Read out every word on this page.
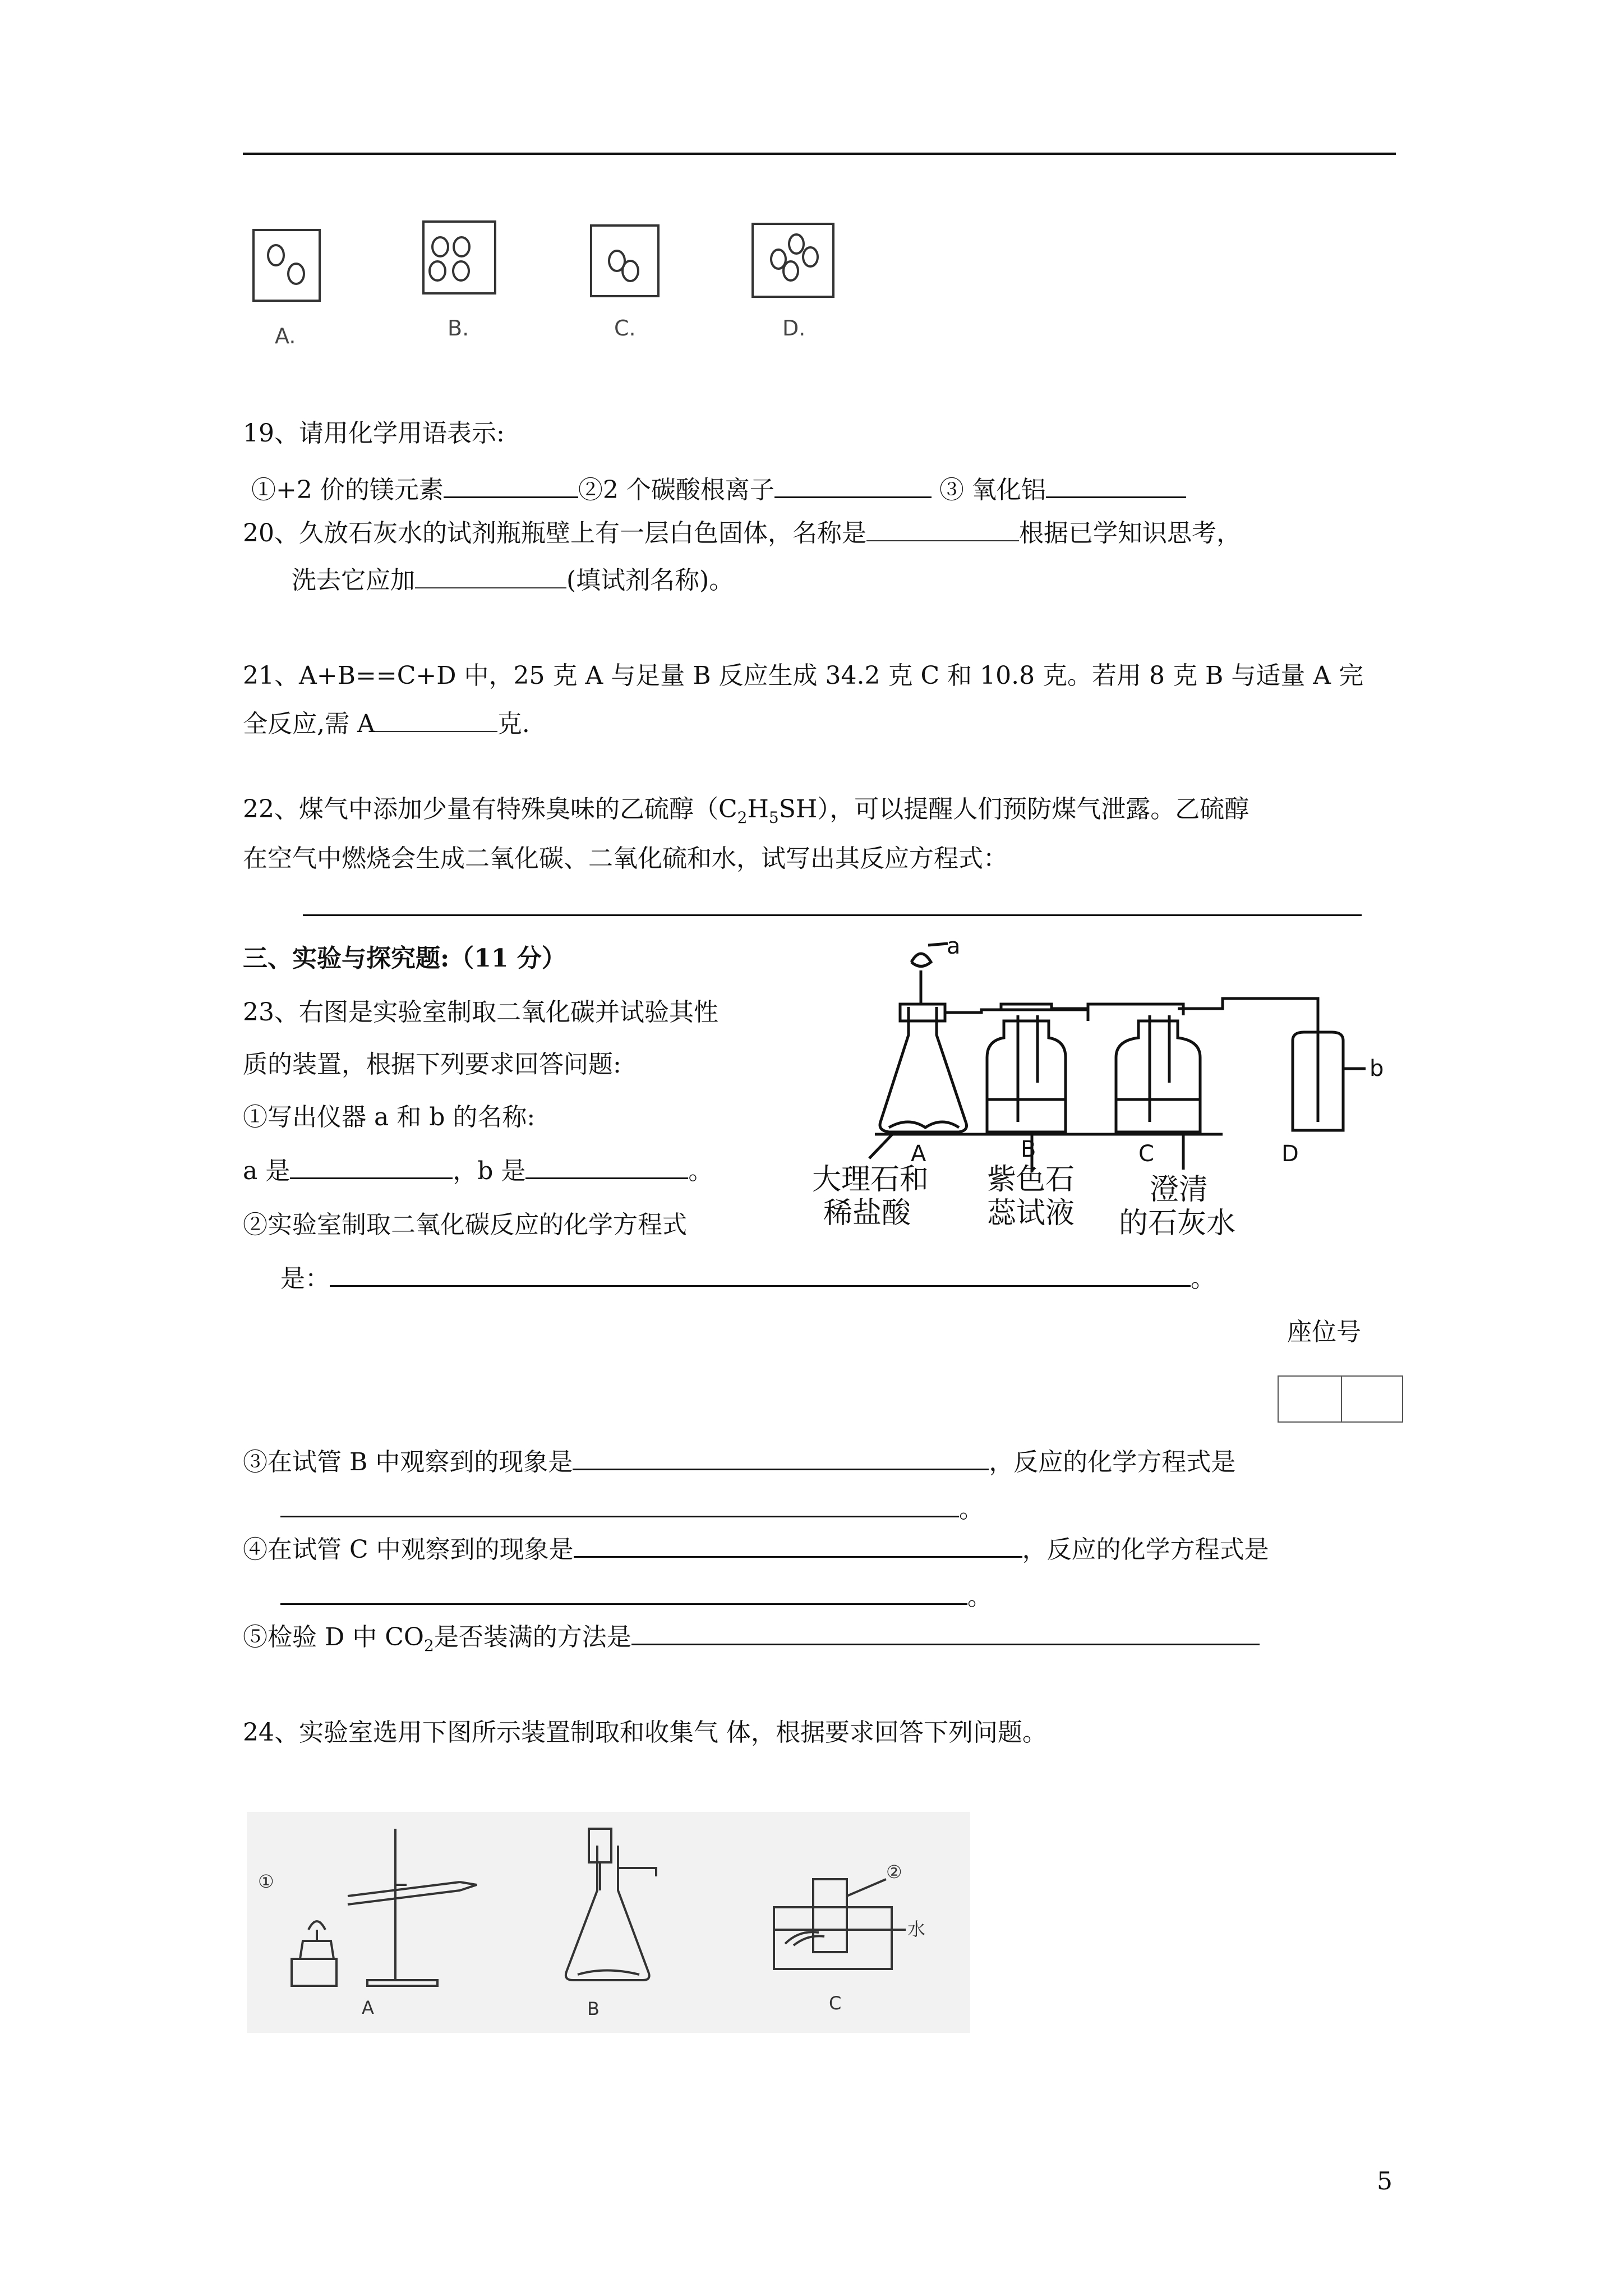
A.	B.	C.	D.
19、请用化学用语表示:
①+2 价的镁元素	②2 个碳酸根离子	③ 氧化铝
20、久放石灰水的试剂瓶瓶壁上有一层白色固体，名称是	根据已学知识思考，
洗去它应加	(填试剂名称)。
21、A+B==C+D 中，25 克 A 与足量 B 反应生成 34.2 克 C 和 10.8 克。若用 8 克 B 与适量 A 完
全反应,需 A	克.
22、煤气中添加少量有特殊臭味的乙硫醇$(C_2H_5SH)$，可以提醒人们预防煤气泄露。乙硫醇
在空气中燃烧会生成二氧化碳、二氧化硫和水，试写出其反应方程式：
三、实验与探究题:（11 分）
23、右图是实验室制取二氧化碳并试验其性
质的装置，根据下列要求回答问题:
①写出仪器 a 和 b 的名称:
a 是	，b 是	。
②实验室制取二氧化碳反应的化学方程式
是：	。
a
b
A	B	C	D
大理石和
稀盐酸
紫色石
蕊试液
澄清
的石灰水
座位号
③在试管 B 中观察到的现象是	，反应的化学方程式是
。
④在试管 C 中观察到的现象是	，反应的化学方程式是
。
⑤检验 D 中 $CO_2$是否装满的方法是
24、实验室选用下图所示装置制取和收集气 体，根据要求回答下列问题。
①
A	B	C
②
水
5
